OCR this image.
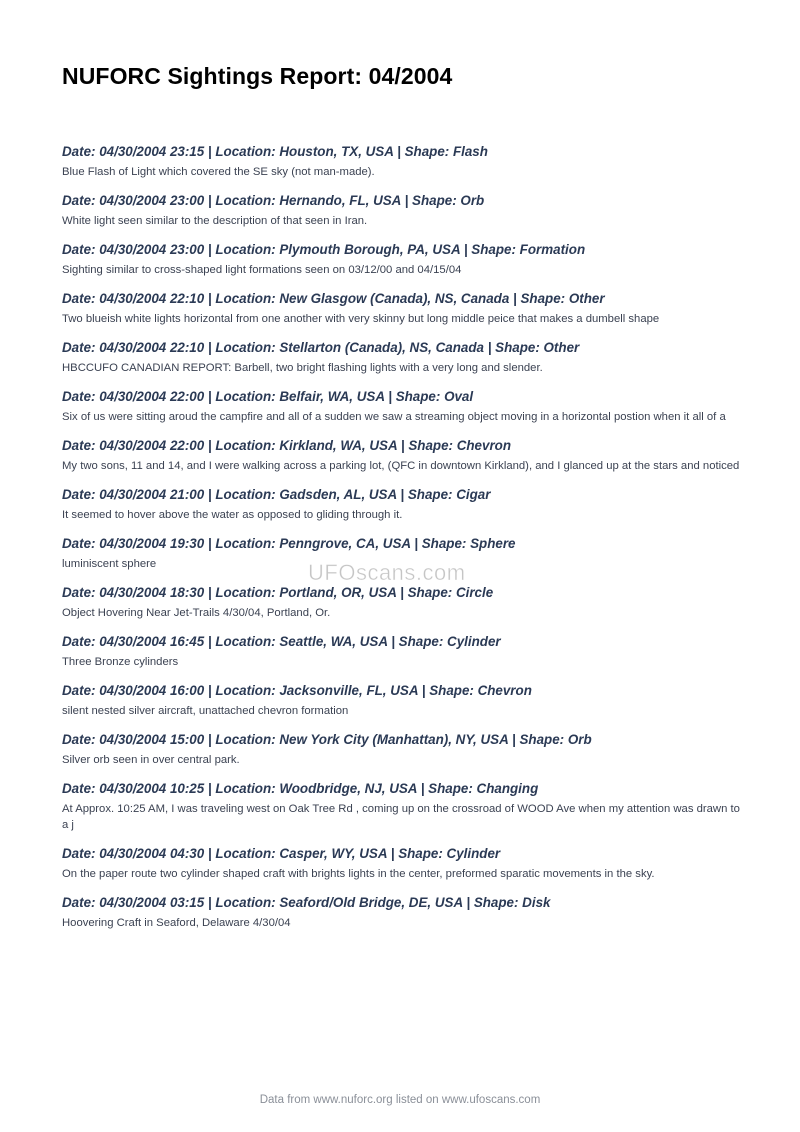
NUFORC Sightings Report: 04/2004
Date: 04/30/2004 23:15 | Location: Houston, TX, USA | Shape: Flash
Blue Flash of Light which covered the SE sky (not man-made).
Date: 04/30/2004 23:00 | Location: Hernando, FL, USA | Shape: Orb
White light seen similar to the description of that seen in Iran.
Date: 04/30/2004 23:00 | Location: Plymouth Borough, PA, USA | Shape: Formation
Sighting similar to cross-shaped light formations seen on 03/12/00 and 04/15/04
Date: 04/30/2004 22:10 | Location: New Glasgow (Canada), NS, Canada | Shape: Other
Two blueish white lights horizontal from one another with very skinny but long middle peice that makes a dumbell shape
Date: 04/30/2004 22:10 | Location: Stellarton (Canada), NS, Canada | Shape: Other
HBCCUFO CANADIAN REPORT: Barbell, two bright flashing lights with a very long and slender.
Date: 04/30/2004 22:00 | Location: Belfair, WA, USA | Shape: Oval
Six of us were sitting aroud the campfire and all of a sudden we saw a streaming object moving in a horizontal postion when it all of a
Date: 04/30/2004 22:00 | Location: Kirkland, WA, USA | Shape: Chevron
My two sons, 11 and 14, and I were walking across a parking lot, (QFC in downtown Kirkland), and I glanced up at the stars and noticed
Date: 04/30/2004 21:00 | Location: Gadsden, AL, USA | Shape: Cigar
It seemed to hover above the water as opposed to gliding through it.
Date: 04/30/2004 19:30 | Location: Penngrove, CA, USA | Shape: Sphere
luminiscent sphere
Date: 04/30/2004 18:30 | Location: Portland, OR, USA | Shape: Circle
Object Hovering Near Jet-Trails 4/30/04, Portland, Or.
Date: 04/30/2004 16:45 | Location: Seattle, WA, USA | Shape: Cylinder
Three Bronze cylinders
Date: 04/30/2004 16:00 | Location: Jacksonville, FL, USA | Shape: Chevron
silent nested silver aircraft, unattached chevron formation
Date: 04/30/2004 15:00 | Location: New York City (Manhattan), NY, USA | Shape: Orb
Silver orb seen in over central park.
Date: 04/30/2004 10:25 | Location: Woodbridge, NJ, USA | Shape: Changing
At Approx. 10:25 AM, I was traveling west on Oak Tree Rd , coming up on the crossroad of WOOD Ave when my attention was drawn to a j
Date: 04/30/2004 04:30 | Location: Casper, WY, USA | Shape: Cylinder
On the paper route two cylinder shaped craft with brights lights in the center, preformed sparatic movements in the sky.
Date: 04/30/2004 03:15 | Location: Seaford/Old Bridge, DE, USA | Shape: Disk
Hoovering Craft in Seaford, Delaware 4/30/04
UFOscans.com
Data from www.nuforc.org listed on www.ufoscans.com
